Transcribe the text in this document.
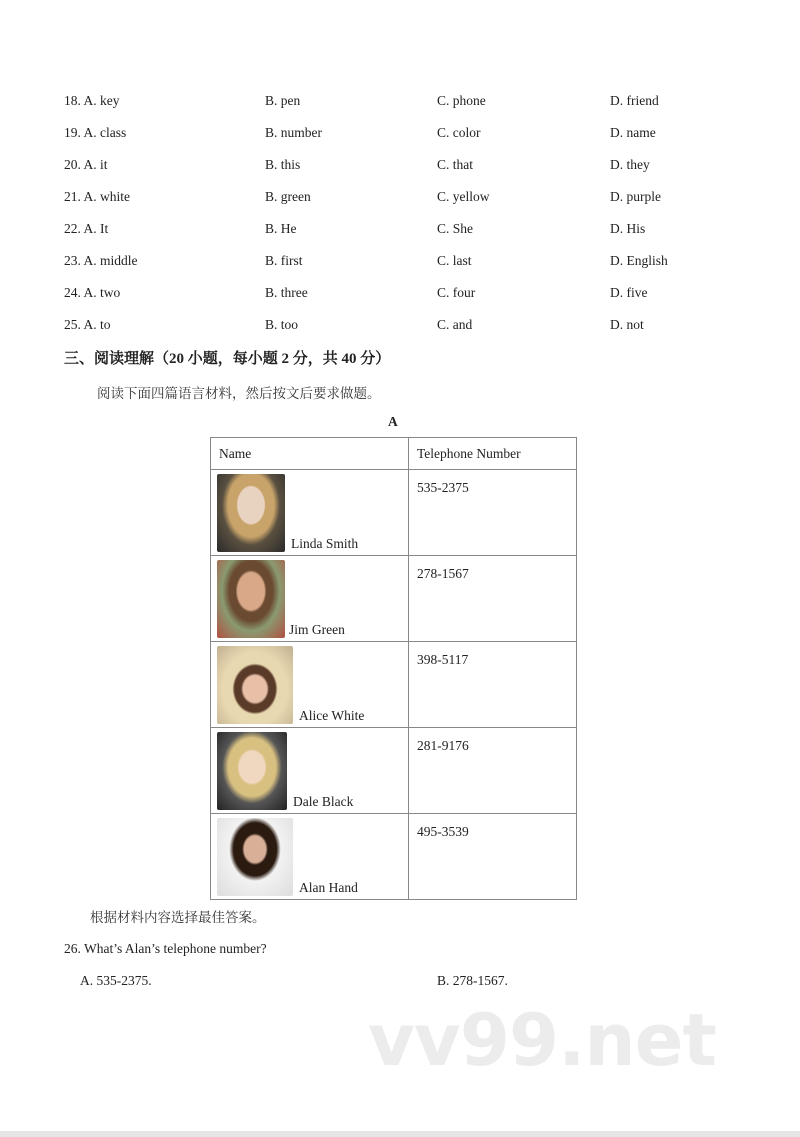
18. A. key	B. pen	C. phone	D. friend
19. A. class	B. number	C. color	D. name
20. A. it	B. this	C. that	D. they
21. A. white	B. green	C. yellow	D. purple
22. A. It	B. He	C. She	D. His
23. A. middle	B. first	C. last	D. English
24. A. two	B. three	C. four	D. five
25. A. to	B. too	C. and	D. not
三、阅读理解（20 小题，每小题 2 分，共 40 分）
阅读下面四篇语言材料，然后按文后要求做题。
A
Name	Telephone Number

Linda Smith	535-2375

Jim Green	278-1567

Alice White	398-5117

Dale Black	281-9176

Alan Hand	495-3539
根据材料内容选择最佳答案。
26. What’s Alan’s telephone number?
A. 535-2375.	B. 278-1567.
vv99.net
